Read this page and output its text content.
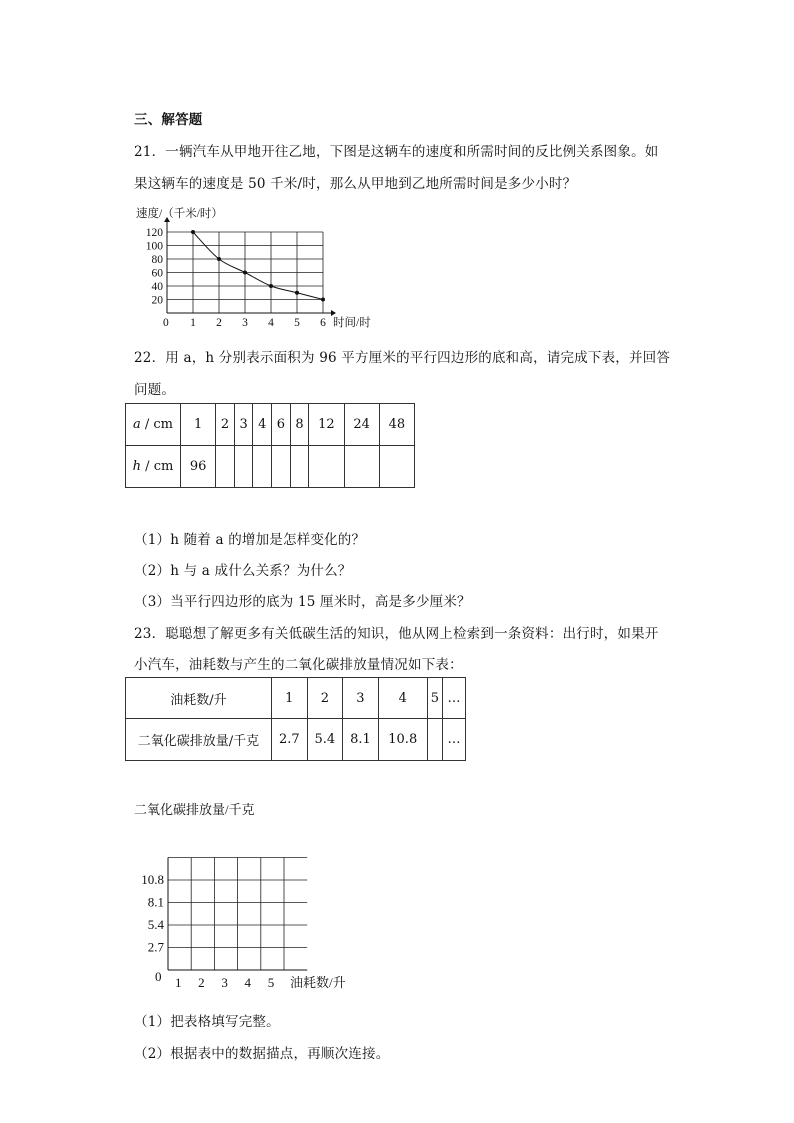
三、解答题
21．一辆汽车从甲地开往乙地，下图是这辆车的速度和所需时间的反比例关系图象。如
果这辆车的速度是 50 千米/时，那么从甲地到乙地所需时间是多少小时？
120
100
80
60
40
20
1 2 3 4 5 6
速度/（千米/时）
时间/时
0
22．用 a，h 分别表示面积为 96 平方厘米的平行四边形的底和高，请完成下表，并回答
问题。
a / cm	1	2	3	4	6	8	12	24	48
h / cm	96								
（1）h 随着 a 的增加是怎样变化的？
（2）h 与 a 成什么关系？为什么？
（3）当平行四边形的底为 15 厘米时，高是多少厘米？
23．聪聪想了解更多有关低碳生活的知识，他从网上检索到一条资料：出行时，如果开
小汽车，油耗数与产生的二氧化碳排放量情况如下表：
油耗数/升	1	2	3	4	5	…
二氧化碳排放量/千克	2.7	5.4	8.1	10.8		…
2.7
5.4
8.1
10.8
1 2 3 4 5
二氧化碳排放量/千克
油耗数/升
0
（1）把表格填写完整。
（2）根据表中的数据描点，再顺次连接。
